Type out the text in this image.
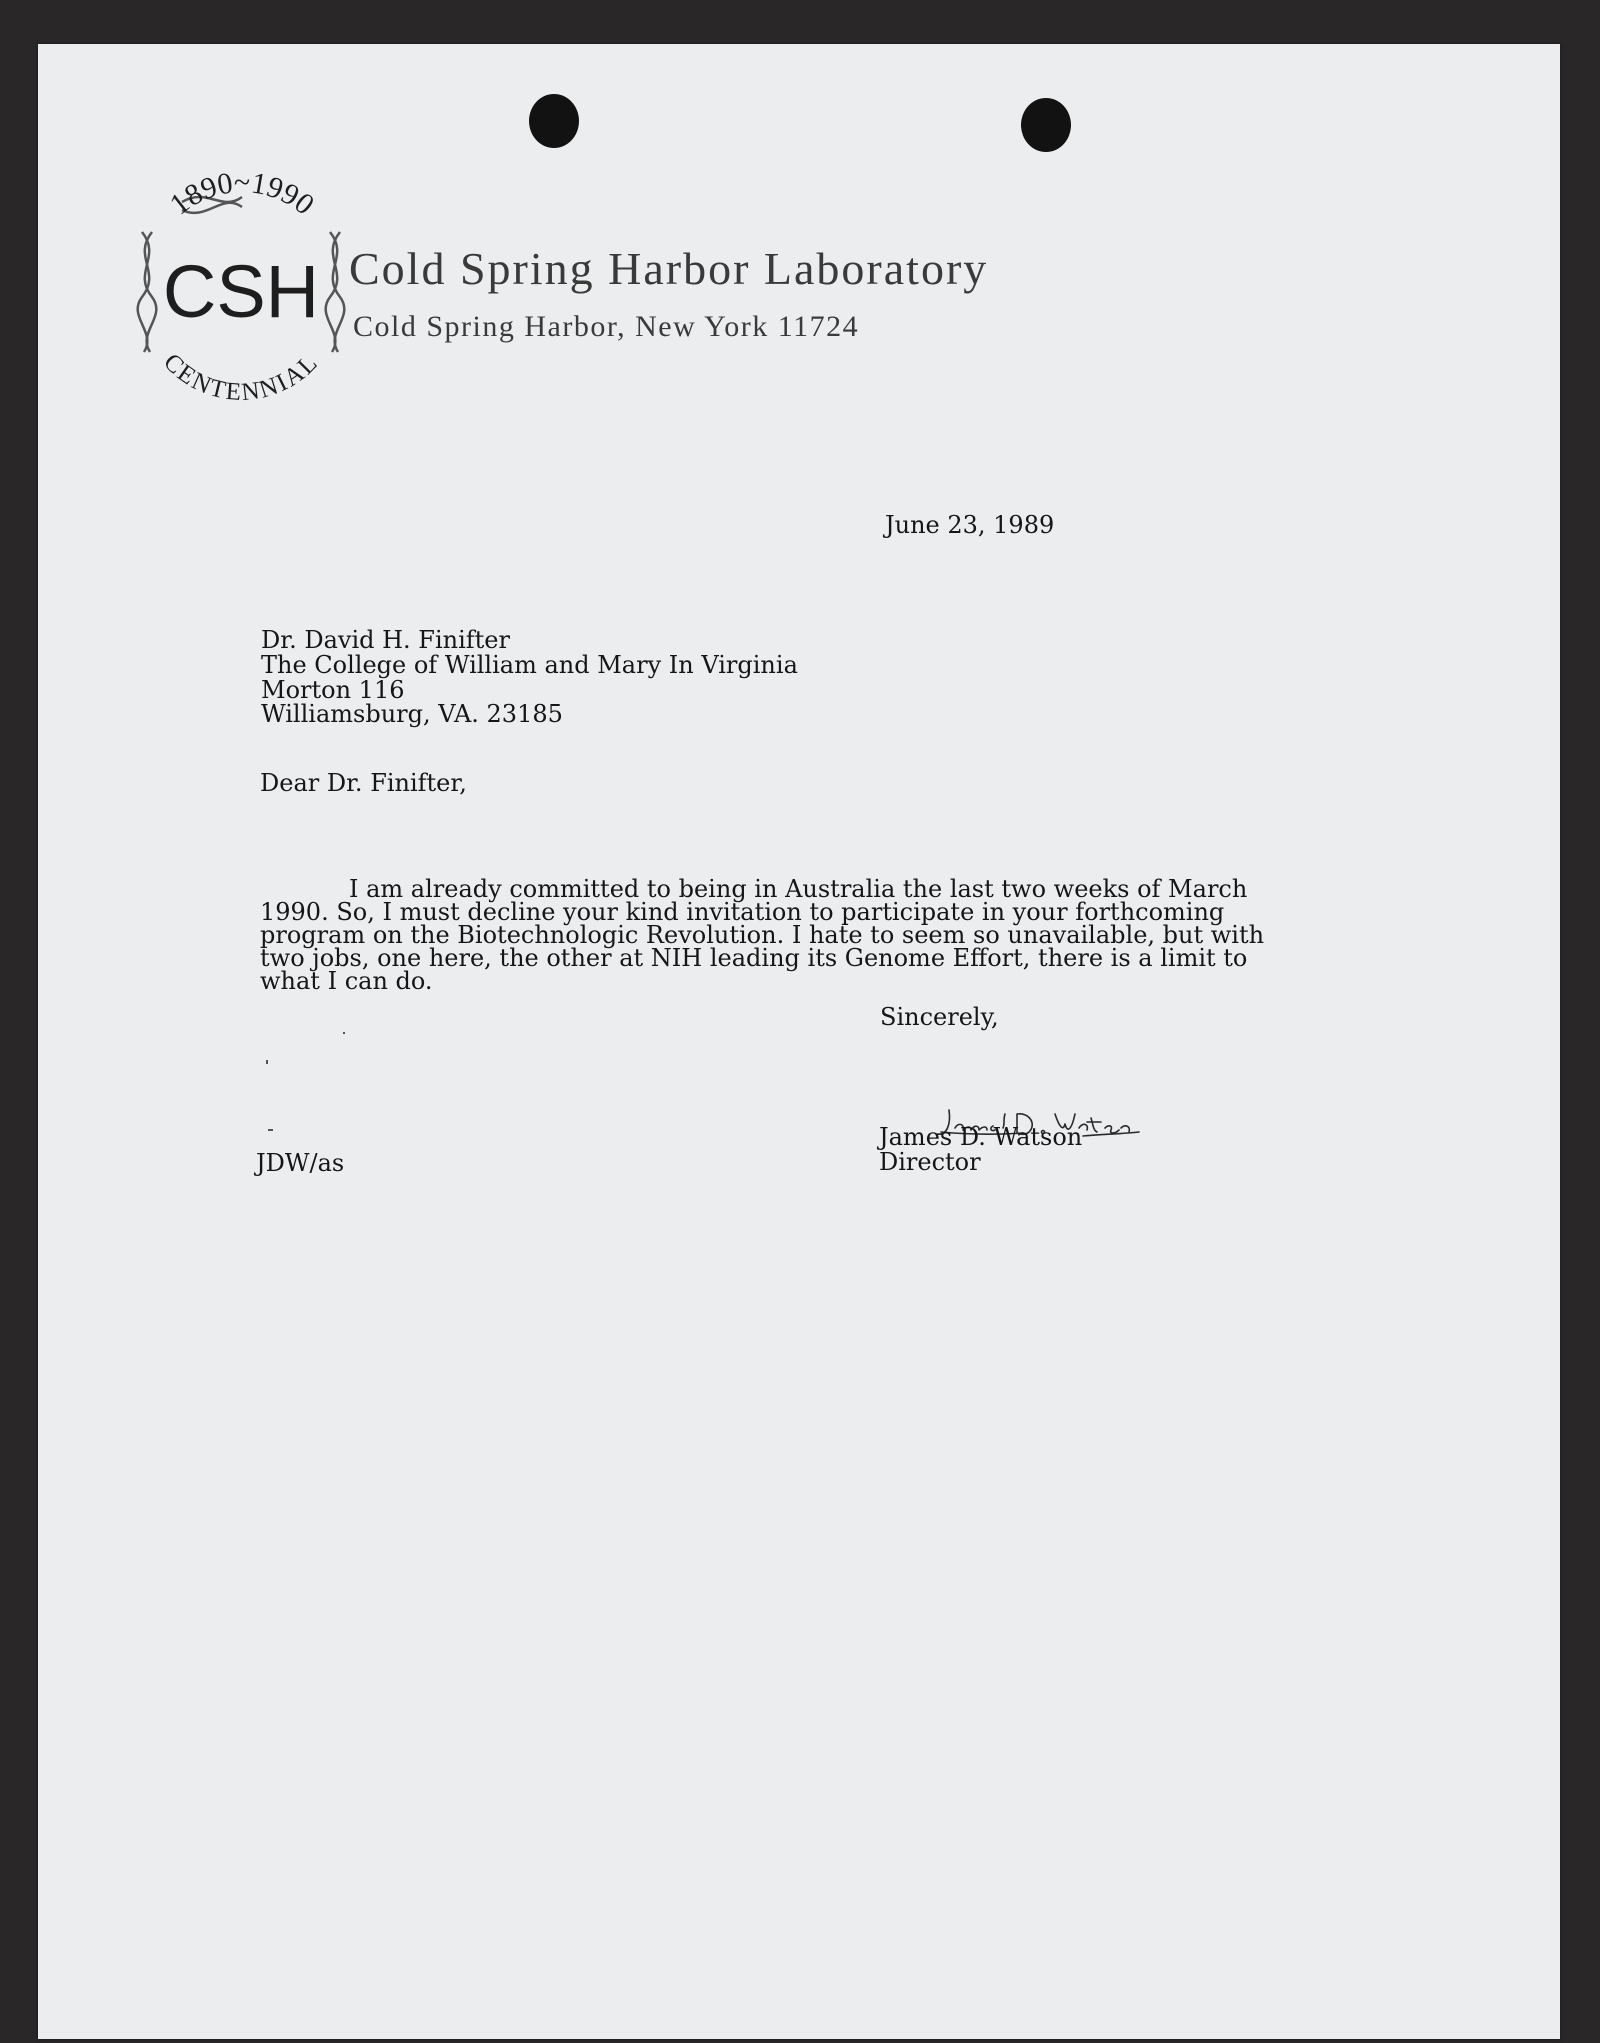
1890~1990
CSH
CENTENNIAL
Cold Spring Harbor Laboratory

Cold Spring Harbor, New York 11724

June 23, 1989

Dr. David H. Finifter

The College of William and Mary In Virginia

Morton 116

Williamsburg, VA. 23185

Dear Dr. Finifter,

I am already committed to being in Australia the last two weeks of March
1990. So, I must decline your kind invitation to participate in your forthcoming
program on the Biotechnologic Revolution. I hate to seem so unavailable, but with
two jobs, one here, the other at NIH leading its Genome Effort, there is a limit to
what I can do.

Sincerely,

James D. Watson

Director

JDW/as
